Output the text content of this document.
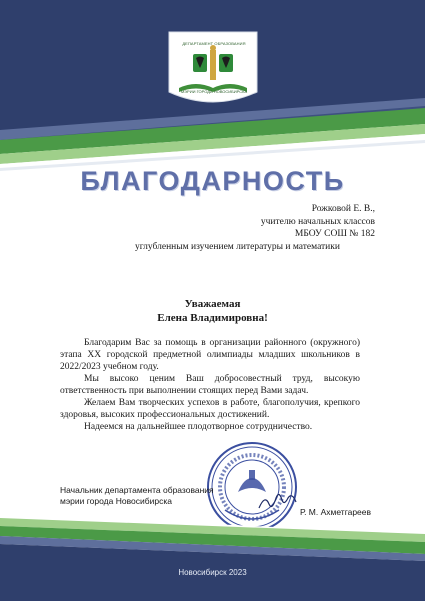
ДЕПАРТАМЕНТ ОБРАЗОВАНИЯ
МЭРИИ ГОРОДА НОВОСИБИРСКА
БЛАГОДАРНОСТЬ
Рожковой Е. В.,
учителю начальных классов
МБОУ СОШ № 182
углубленным изучением литературы и математики
Уважаемая
Елена Владимировна!

Благодарим Вас за помощь в организации районного (окружного) этапа XX городской предметной олимпиады младших школьников в 2022/2023 учебном году.

Мы высоко ценим Ваш добросовестный труд, высокую ответственность при выполнении стоящих перед Вами задач.

Желаем Вам творческих успехов в работе, благополучия, крепкого здоровья, высоких профессиональных достижений.

Надеемся на дальнейшее плодотворное сотрудничество.

Начальник департамента образования
мэрии города Новосибирска
Р. М. Ахметгареев
Новосибирск 2023
